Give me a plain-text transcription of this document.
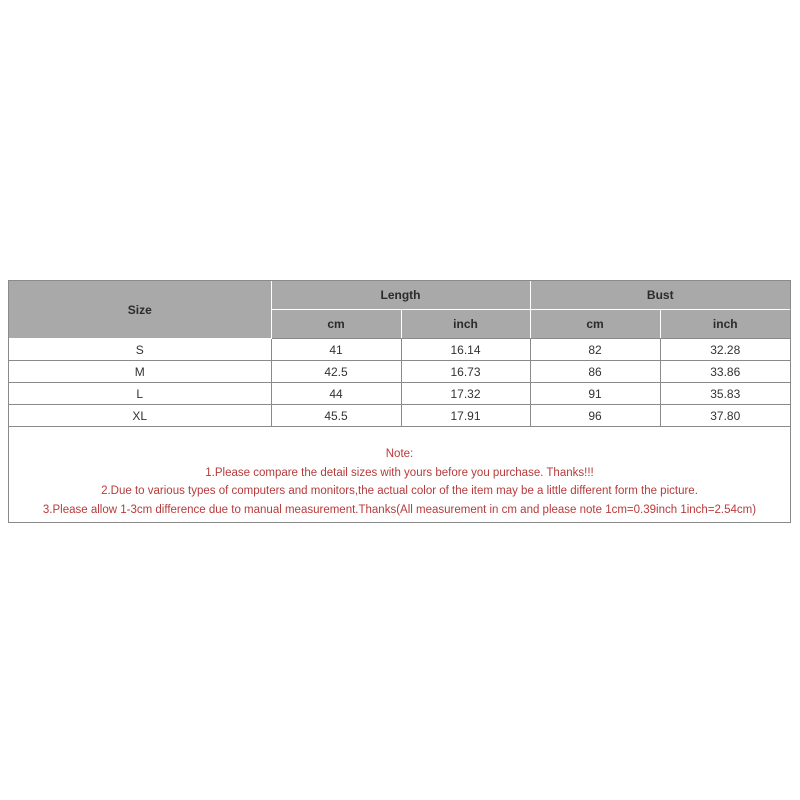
Size	Length		Bust	
	cm	inch	cm	inch
S	41	16.14	82	32.28
M	42.5	16.73	86	33.86
L	44	17.32	91	35.83
XL	45.5	17.91	96	37.80
Note:
1.Please compare the detail sizes with yours before you purchase. Thanks!!!
2.Due to various types of computers and monitors,the actual color of the item may be a little different form the picture.
3.Please allow 1-3cm difference due to manual measurement.Thanks(All measurement in cm and please note 1cm=0.39inch 1inch=2.54cm)
